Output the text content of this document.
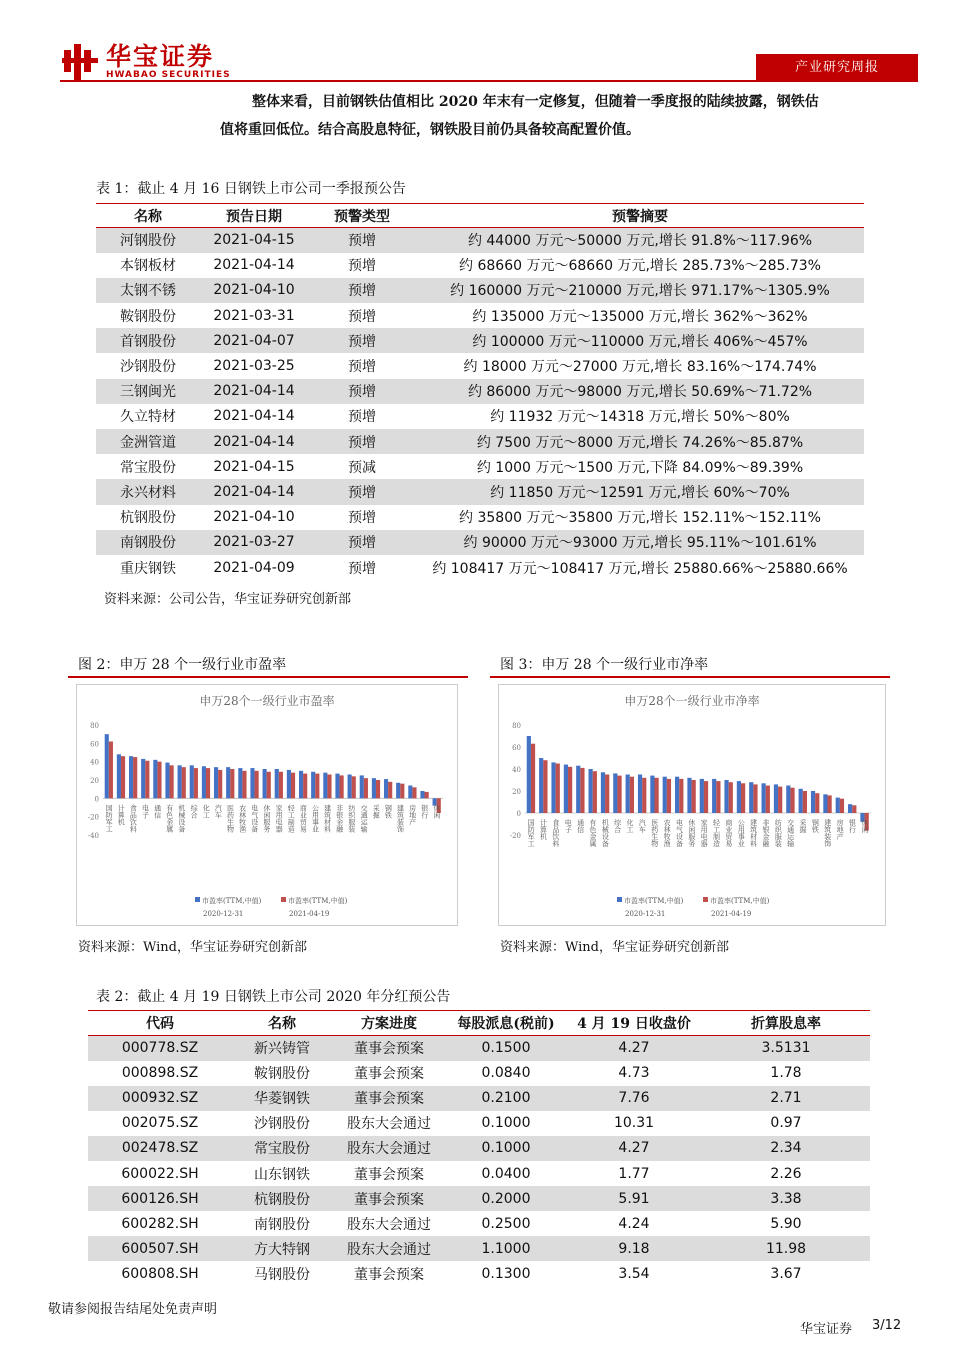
华宝证券
HWABAO SECURITIES	产业研究周报

整体来看，目前钢铁估值相比 2020 年末有一定修复，但随着一季度报的陆续披露，钢铁估

值将重回低位。结合高股息特征，钢铁股目前仍具备较高配置价值。

表 1：截止 4 月 16 日钢铁上市公司一季报预公告
名称	预告日期	预警类型	预警摘要
河钢股份	2021-04-15	预增	约 44000 万元～50000 万元,增长 91.8%～117.96%
本钢板材	2021-04-14	预增	约 68660 万元～68660 万元,增长 285.73%～285.73%
太钢不锈	2021-04-10	预增	约 160000 万元～210000 万元,增长 971.17%～1305.9%
鞍钢股份	2021-03-31	预增	约 135000 万元～135000 万元,增长 362%～362%
首钢股份	2021-04-07	预增	约 100000 万元～110000 万元,增长 406%～457%
沙钢股份	2021-03-25	预增	约 18000 万元～27000 万元,增长 83.16%～174.74%
三钢闽光	2021-04-14	预增	约 86000 万元～98000 万元,增长 50.69%～71.72%
久立特材	2021-04-14	预增	约 11932 万元～14318 万元,增长 50%～80%
金洲管道	2021-04-14	预增	约 7500 万元～8000 万元,增长 74.26%～85.87%
常宝股份	2021-04-15	预减	约 1000 万元～1500 万元,下降 84.09%～89.39%
永兴材料	2021-04-14	预增	约 11850 万元～12591 万元,增长 60%～70%
杭钢股份	2021-04-10	预增	约 35800 万元～35800 万元,增长 152.11%～152.11%
南钢股份	2021-03-27	预增	约 90000 万元～93000 万元,增长 95.11%～101.61%
重庆钢铁	2021-04-09	预增	约 108417 万元～108417 万元,增长 25880.66%～25880.66%
资料来源：公司公告，华宝证券研究创新部
图 2：申万 28 个一级行业市盈率
申万28个一级行业市盈率
-40
-20
0
20
40
60
80
国防军工 计算机 食品饮料 电子 通信 有色金属 机械设备 综合 化工 汽车 医药生物 农林牧渔 电气设备 休闲服务 家用电器 轻工制造 商业贸易 公用事业 建筑材料 非银金融 纺织服装 交通运输 采掘 钢铁 建筑装饰 房地产 银行 休闲
市盈率(TTM,中值)
2020-12-31
市盈率(TTM,中值)
2021-04-19
资料来源：Wind，华宝证券研究创新部
图 3：申万 28 个一级行业市净率
申万28个一级行业市净率
-20
0
20
40
60
80
国防军工 计算机 食品饮料 电子 通信 有色金属 机械设备 综合 化工 汽车 医药生物 农林牧渔 电气设备 休闲服务 家用电器 轻工制造 商业贸易 公用事业 建筑材料 非银金融 纺织服装 交通运输 采掘 钢铁 建筑装饰 房地产 银行 休闲
市盈率(TTM,中值)
2020-12-31
市盈率(TTM,中值)
2021-04-19
资料来源：Wind，华宝证券研究创新部
表 2：截止 4 月 19 日钢铁上市公司 2020 年分红预公告
代码	名称	方案进度	每股派息(税前)	4 月 19 日收盘价	折算股息率
000778.SZ	新兴铸管	董事会预案	0.1500	4.27	3.5131
000898.SZ	鞍钢股份	董事会预案	0.0840	4.73	1.78
000932.SZ	华菱钢铁	董事会预案	0.2100	7.76	2.71
002075.SZ	沙钢股份	股东大会通过	0.1000	10.31	0.97
002478.SZ	常宝股份	股东大会通过	0.1000	4.27	2.34
600022.SH	山东钢铁	董事会预案	0.0400	1.77	2.26
600126.SH	杭钢股份	董事会预案	0.2000	5.91	3.38
600282.SH	南钢股份	股东大会通过	0.2500	4.24	5.90
600507.SH	方大特钢	股东大会通过	1.1000	9.18	11.98
600808.SH	马钢股份	董事会预案	0.1300	3.54	3.67
敬请参阅报告结尾处免责声明
华宝证券 3/12
